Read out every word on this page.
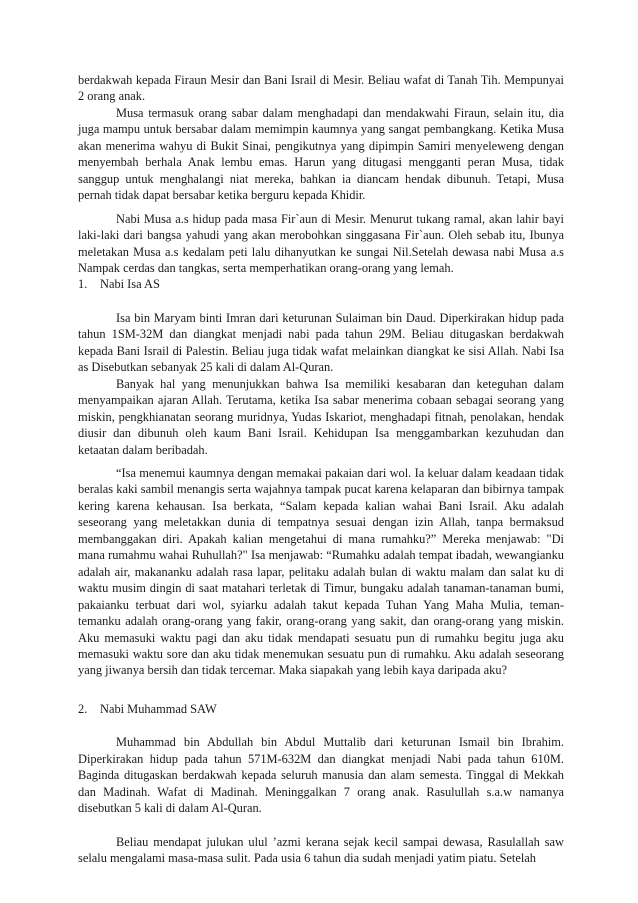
berdakwah kepada Firaun Mesir dan Bani Israil di Mesir. Beliau wafat di Tanah Tih. Mempunyai 2 orang anak.

Musa termasuk orang sabar dalam menghadapi dan mendakwahi Firaun, selain itu, dia juga mampu untuk bersabar dalam memimpin kaumnya yang sangat pembangkang. Ketika Musa akan menerima wahyu di Bukit Sinai, pengikutnya yang dipimpin Samiri menyeleweng dengan menyembah berhala Anak lembu emas. Harun yang ditugasi mengganti peran Musa, tidak sanggup untuk menghalangi niat mereka, bahkan ia diancam hendak dibunuh. Tetapi, Musa pernah tidak dapat bersabar ketika berguru kepada Khidir.

Nabi Musa a.s hidup pada masa Fir`aun di Mesir. Menurut tukang ramal, akan lahir bayi laki-laki dari bangsa yahudi yang akan merobohkan singgasana Fir`aun. Oleh sebab itu, Ibunya meletakan Musa a.s kedalam peti lalu dihanyutkan ke sungai Nil.Setelah dewasa nabi Musa a.s Nampak cerdas dan tangkas, serta memperhatikan orang-orang yang lemah.

1.	Nabi Isa AS

Isa bin Maryam binti Imran dari keturunan Sulaiman bin Daud. Diperkirakan hidup pada tahun 1SM-32M dan diangkat menjadi nabi pada tahun 29M. Beliau ditugaskan berdakwah kepada Bani Israil di Palestin. Beliau juga tidak wafat melainkan diangkat ke sisi Allah. Nabi Isa as Disebutkan sebanyak 25 kali di dalam Al-Quran.

Banyak hal yang menunjukkan bahwa Isa memiliki kesabaran dan keteguhan dalam menyampaikan ajaran Allah. Terutama, ketika Isa sabar menerima cobaan sebagai seorang yang miskin, pengkhianatan seorang muridnya, Yudas Iskariot, menghadapi fitnah, penolakan, hendak diusir dan dibunuh oleh kaum Bani Israil. Kehidupan Isa menggambarkan kezuhudan dan ketaatan dalam beribadah.

“Isa menemui kaumnya dengan memakai pakaian dari wol. Ia keluar dalam keadaan tidak beralas kaki sambil menangis serta wajahnya tampak pucat karena kelaparan dan bibirnya tampak kering karena kehausan. Isa berkata, “Salam kepada kalian wahai Bani Israil. Aku adalah seseorang yang meletakkan dunia di tempatnya sesuai dengan izin Allah, tanpa bermaksud membanggakan diri. Apakah kalian mengetahui di mana rumahku?” Mereka menjawab: "Di mana rumahmu wahai Ruhullah?" Isa menjawab: “Rumahku adalah tempat ibadah, wewangianku adalah air, makananku adalah rasa lapar, pelitaku adalah bulan di waktu malam dan salat ku di waktu musim dingin di saat matahari terletak di Timur, bungaku adalah tanaman-tanaman bumi, pakaianku terbuat dari wol, syiarku adalah takut kepada Tuhan Yang Maha Mulia, teman-temanku adalah orang-orang yang fakir, orang-orang yang sakit, dan orang-orang yang miskin. Aku memasuki waktu pagi dan aku tidak mendapati sesuatu pun di rumahku begitu juga aku memasuki waktu sore dan aku tidak menemukan sesuatu pun di rumahku. Aku adalah seseorang yang jiwanya bersih dan tidak tercemar. Maka siapakah yang lebih kaya daripada aku?

2.	Nabi Muhammad SAW

Muhammad bin Abdullah bin Abdul Muttalib dari keturunan Ismail bin Ibrahim. Diperkirakan hidup pada tahun 571M-632M dan diangkat menjadi Nabi pada tahun 610M. Baginda ditugaskan berdakwah kepada seluruh manusia dan alam semesta. Tinggal di Mekkah dan Madinah. Wafat di Madinah. Meninggalkan 7 orang anak. Rasulullah s.a.w namanya disebutkan 5 kali di dalam Al-Quran.

Beliau mendapat julukan ulul ’azmi kerana sejak kecil sampai dewasa, Rasulallah saw selalu mengalami masa-masa sulit. Pada usia 6 tahun dia sudah menjadi yatim piatu. Setelah
